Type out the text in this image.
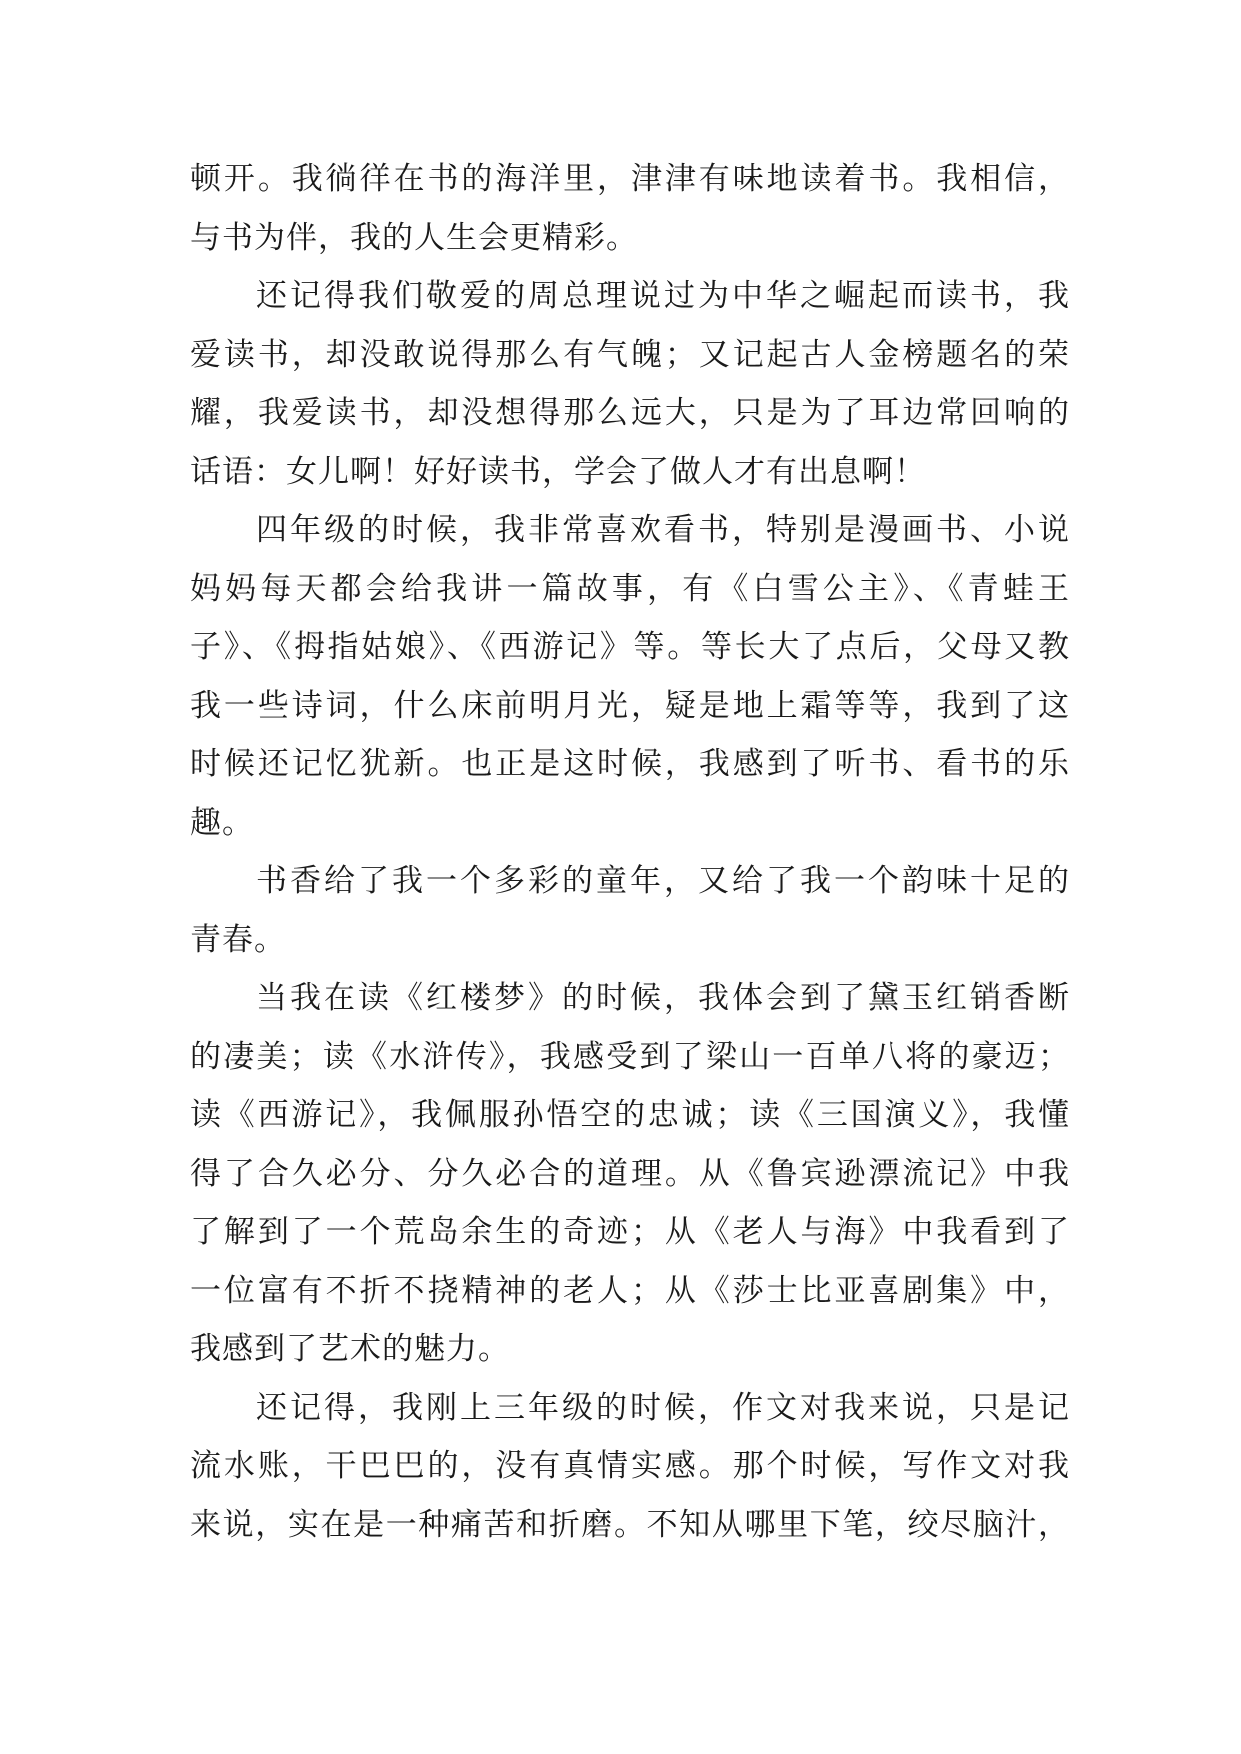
顿开。我徜徉在书的海洋里，津津有味地读着书。我相信，
与书为伴，我的人生会更精彩。
还记得我们敬爱的周总理说过为中华之崛起而读书，我
爱读书，却没敢说得那么有气魄；又记起古人金榜题名的荣
耀，我爱读书，却没想得那么远大，只是为了耳边常回响的
话语：女儿啊！好好读书，学会了做人才有出息啊！
四年级的时候，我非常喜欢看书，特别是漫画书、小说
妈妈每天都会给我讲一篇故事，有《白雪公主》、《青蛙王
子》、《拇指姑娘》、《西游记》等。等长大了点后，父母又教
我一些诗词，什么床前明月光，疑是地上霜等等，我到了这
时候还记忆犹新。也正是这时候，我感到了听书、看书的乐
趣。
书香给了我一个多彩的童年，又给了我一个韵味十足的
青春。
当我在读《红楼梦》的时候，我体会到了黛玉红销香断
的凄美；读《水浒传》，我感受到了梁山一百单八将的豪迈；
读《西游记》，我佩服孙悟空的忠诚；读《三国演义》，我懂
得了合久必分、分久必合的道理。从《鲁宾逊漂流记》中我
了解到了一个荒岛余生的奇迹；从《老人与海》中我看到了
一位富有不折不挠精神的老人；从《莎士比亚喜剧集》中，
我感到了艺术的魅力。
还记得，我刚上三年级的时候，作文对我来说，只是记
流水账，干巴巴的，没有真情实感。那个时候，写作文对我
来说，实在是一种痛苦和折磨。不知从哪里下笔，绞尽脑汁，
